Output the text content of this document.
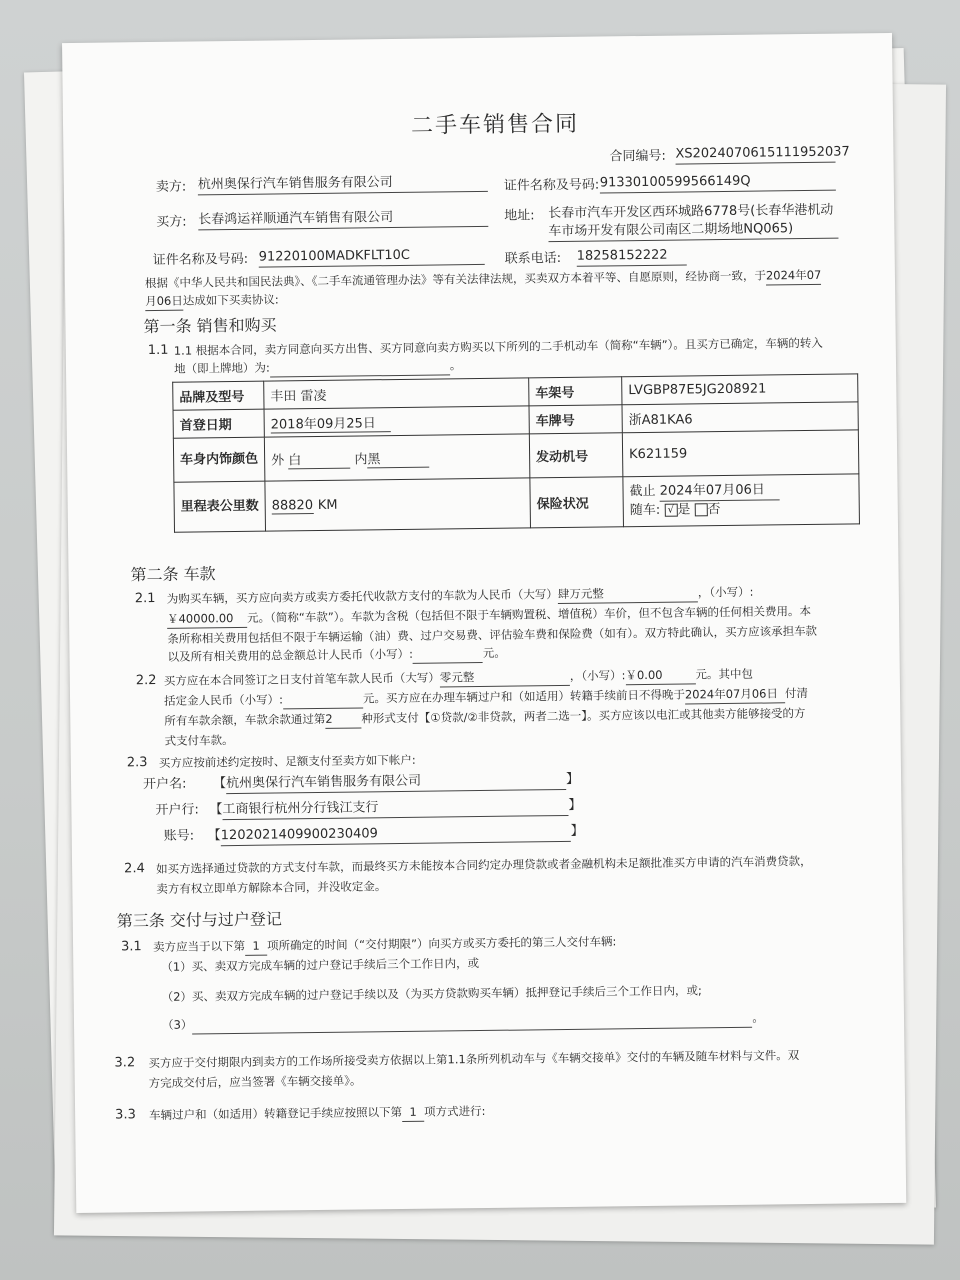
二手车销售合同
合同编号: XS2024070615111952037
卖方: 杭州奥保行汽车销售服务有限公司	证件名称及号码: 91330100599566149Q
买方: 长春鸿运祥顺通汽车销售有限公司	地址: 长春市汽车开发区西环城路6778号(长春华港机动
车市场开发有限公司南区二期场地NQ065)
证件名称及号码: 91220100MADKFLT10C	联系电话: 18258152222
根据《中华人民共和国民法典》、《二手车流通管理办法》等有关法律法规，买卖双方本着平等、自愿原则，经协商一致，于2024年07
月06日达成如下买卖协议:
第一条 销售和购买
1.1 1.1 根据本合同，卖方同意向买方出售、买方同意向卖方购买以下所列的二手机动车（简称“车辆”）。且买方已确定，车辆的转入
地（即上牌地）为:	。
品牌及型号	丰田 雷凌	车架号	LVGBP87E5JG208921
首登日期	2018年09月25日	车牌号	浙A81KA6
车身内饰颜色	外 白 内黑	发动机号	K621159
里程表公里数	88820 KM	保险状况	截止 2024年07月06日
随车: √ 是 否
第二条 车款
2.1 为购买车辆，买方应向卖方或卖方委托代收款方支付的车款为人民币（大写）肆万元整	，（小写）:
￥40000.00 元。（简称“车款”）。车款为含税（包括但不限于车辆购置税、增值税）车价，但不包含车辆的任何相关费用。本
条所称相关费用包括但不限于车辆运输（油）费、过户交易费、评估验车费和保险费（如有）。双方特此确认，买方应该承担车款
以及所有相关费用的总金额总计人民币（小写）:	元。
2.2 买方应在本合同签订之日支付首笔车款人民币（大写）零元整	，（小写）:￥0.00	元。其中包
括定金人民币（小写）:	元。买方应在办理车辆过户和（如适用）转籍手续前日不得晚于2024年07月06日 付清
所有车款余额，车款余款通过第2 种形式支付【①贷款/②非贷款，两者二选一】。买方应该以电汇或其他卖方能够接受的方
式支付车款。
2.3 买方应按前述约定按时、足额支付至卖方如下帐户:
开户名: 【杭州奥保行汽车销售服务有限公司	】
开户行: 【工商银行杭州分行钱江支行	】
账号: 【1202021409900230409	】
2.4 如买方选择通过贷款的方式支付车款，而最终买方未能按本合同约定办理贷款或者金融机构未足额批准买方申请的汽车消费贷款，
卖方有权立即单方解除本合同，并没收定金。
第三条 交付与过户登记
3.1 卖方应当于以下第 1 项所确定的时间（“交付期限”）向买方或买方委托的第三人交付车辆:
（1）买、卖双方完成车辆的过户登记手续后三个工作日内，或
（2）买、卖双方完成车辆的过户登记手续以及（为买方贷款购买车辆）抵押登记手续后三个工作日内，或;
（3）	。
3.2 买方应于交付期限内到卖方的工作场所接受卖方依据以上第1.1条所列机动车与《车辆交接单》交付的车辆及随车材料与文件。双
方完成交付后，应当签署《车辆交接单》。
3.3 车辆过户和（如适用）转籍登记手续应按照以下第 1 项方式进行:
